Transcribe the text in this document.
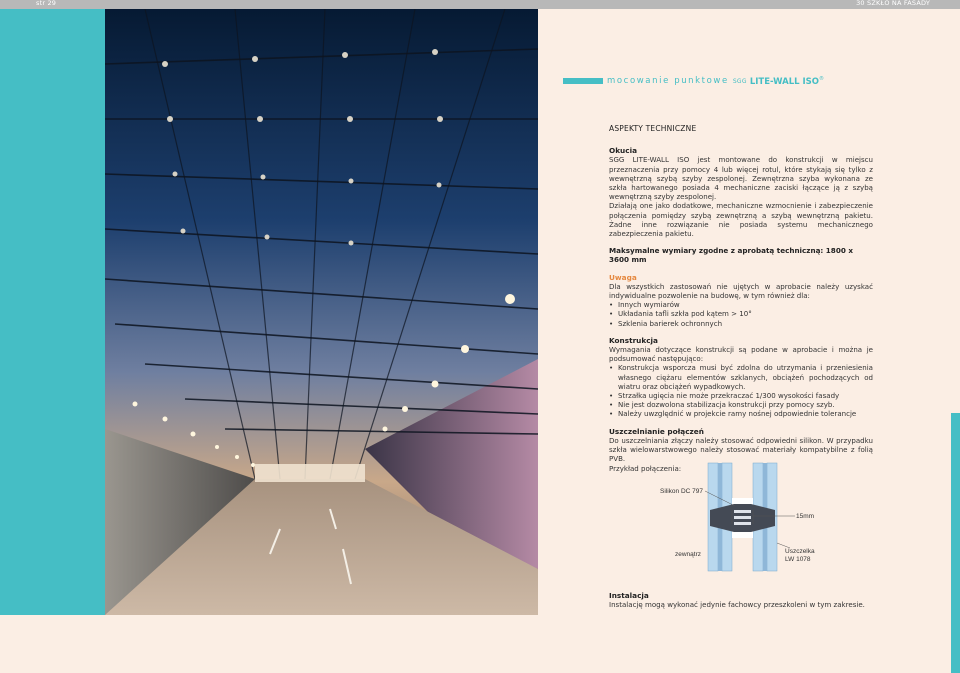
str 29	30 SZKŁO NA FASADY
mocowanie punktowe SGG LITE-WALL ISO®
ASPEKTY TECHNICZNE
Okucia
SGG LITE-WALL ISO jest montowane do konstrukcji w miejscu przeznaczenia przy pomocy 4 lub więcej rotul, które stykają się tylko z wewnętrzną szybą szyby zespolonej. Zewnętrzna szyba wykonana ze szkła hartowanego posiada 4 mechaniczne zaciski łączące ją z szybą wewnętrzną szyby zespolonej.
Działają one jako dodatkowe, mechaniczne wzmocnienie i zabezpieczenie połączenia pomiędzy szybą zewnętrzną a szybą wewnętrzną pakietu. Żadne inne rozwiązanie nie posiada systemu mechanicznego zabezpieczenia pakietu.
Maksymalne wymiary zgodne z aprobatą techniczną: 1800 x 3600 mm
Uwaga
Dla wszystkich zastosowań nie ujętych w aprobacie należy uzyskać indywidualne pozwolenie na budowę, w tym również dla:
• Innych wymiarów
• Układania tafli szkła pod kątem > 10°
• Szklenia barierek ochronnych
Konstrukcja
Wymagania dotyczące konstrukcji są podane w aprobacie i można je podsumować następująco:
• Konstrukcja wsporcza musi być zdolna do utrzymania i przeniesienia własnego ciężaru elementów szklanych, obciążeń pochodzących od wiatru oraz obciążeń wypadkowych.
• Strzałka ugięcia nie może przekraczać 1/300 wysokości fasady
• Nie jest dozwolona stabilizacja konstrukcji przy pomocy szyb.
• Należy uwzględnić w projekcie ramy nośnej odpowiednie tolerancje
Uszczelnianie połączeń
Do uszczelniania złączy należy stosować odpowiedni silikon. W przypadku szkła wielowarstwowego należy stosować materiały kompatybilne z folią PVB.
Przykład połączenia:
Silikon DC 797
15mm
zewnątrz	Uszczelka
LW 1078
Instalacja
Instalację mogą wykonać jedynie fachowcy przeszkoleni w tym zakresie.
